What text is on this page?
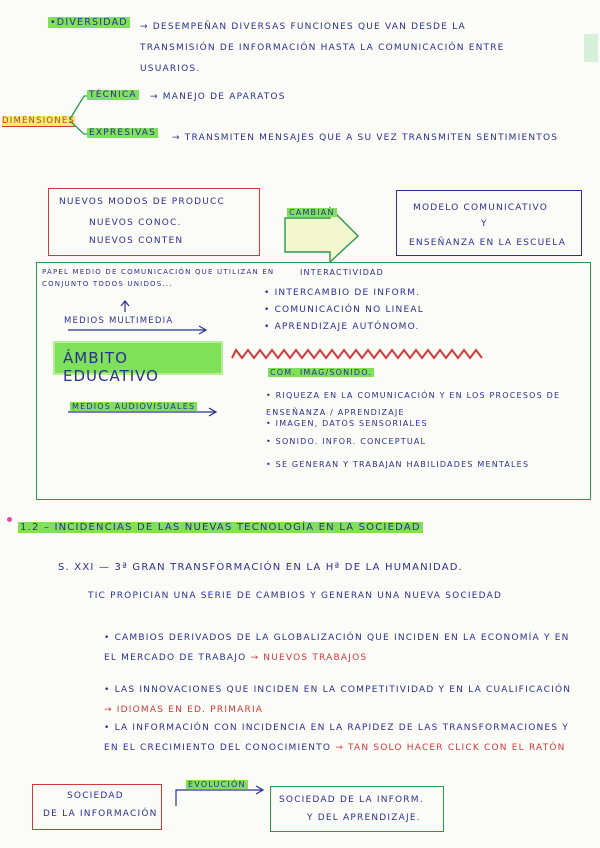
•DIVERSIDAD → DESEMPEÑAN DIVERSAS FUNCIONES QUE VAN DESDE LA TRANSMISIÓN DE INFORMACIÓN HASTA LA COMUNICACIÓN ENTRE USUARIOS.
DIMENSIONES
TÉCNICA → MANEJO DE APARATOS
EXPRESIVAS → TRANSMITEN MENSAJES QUE A SU VEZ TRANSMITEN SENTIMIENTOS
NUEVOS MODOS DE PRODUCC
NUEVOS CONOC.
NUEVOS CONTEN
CAMBIAN	MODELO COMUNICATIVO
Y
ENSEÑANZA EN LA ESCUELA
PAPEL MEDIO DE COMUNICACIÓN QUE UTILIZAN EN CONJUNTO TODOS UNIDOS...
MEDIOS MULTIMEDIA
ÁMBITO EDUCATIVO
MEDIOS AUDIOVISUALES
INTERACTIVIDAD
• INTERCAMBIO DE INFORM.
• COMUNICACIÓN NO LINEAL
• APRENDIZAJE AUTÓNOMO.
COM. IMAG/SONIDO.
• RIQUEZA EN LA COMUNICACIÓN Y EN LOS PROCESOS DE ENSEÑANZA / APRENDIZAJE
• IMAGEN, DATOS SENSORIALES
• SONIDO. INFOR. CONCEPTUAL
• SE GENERAN Y TRABAJAN HABILIDADES MENTALES
1.2 – INCIDENCIAS DE LAS NUEVAS TECNOLOGÍA EN LA SOCIEDAD
S. XXI — 3ª GRAN TRANSFORMACIÓN EN LA Hª DE LA HUMANIDAD.
TIC PROPICIAN UNA SERIE DE CAMBIOS Y GENERAN UNA NUEVA SOCIEDAD
• CAMBIOS DERIVADOS DE LA GLOBALIZACIÓN QUE INCIDEN EN LA ECONOMÍA Y EN EL MERCADO DE TRABAJO → NUEVOS TRABAJOS
• LAS INNOVACIONES QUE INCIDEN EN LA COMPETITIVIDAD Y EN LA CUALIFICACIÓN → IDIOMAS EN ED. PRIMARIA
• LA INFORMACIÓN CON INCIDENCIA EN LA RAPIDEZ DE LAS TRANSFORMACIONES Y EN EL CRECIMIENTO DEL CONOCIMIENTO → TAN SOLO HACER CLICK CON EL RATÓN
SOCIEDAD
DE LA INFORMACIÓN
EVOLUCIÓN
SOCIEDAD DE LA INFORM.
Y DEL APRENDIZAJE.
